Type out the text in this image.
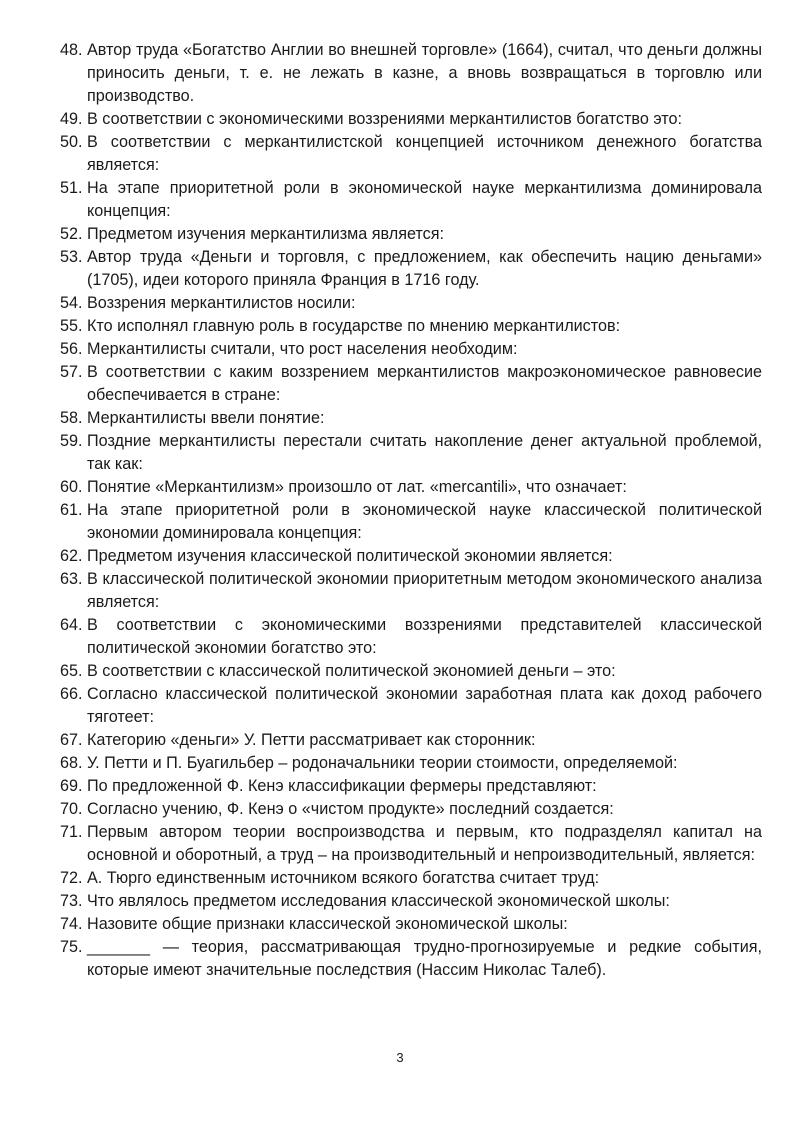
48. Автор труда «Богатство Англии во внешней торговле» (1664), считал, что деньги должны приносить деньги, т. е. не лежать в казне, а вновь возвращаться в торговлю или производство.
49. В соответствии с экономическими воззрениями меркантилистов богатство это:
50. В соответствии с меркантилистской концепцией источником денежного богатства является:
51. На этапе приоритетной роли в экономической науке меркантилизма доминировала концепция:
52. Предметом изучения меркантилизма является:
53. Автор труда «Деньги и торговля, с предложением, как обеспечить нацию деньгами» (1705), идеи которого приняла Франция в 1716 году.
54. Воззрения меркантилистов носили:
55. Кто исполнял главную роль в государстве по мнению меркантилистов:
56. Меркантилисты считали, что рост населения необходим:
57. В соответствии с каким воззрением меркантилистов макроэкономическое равновесие обеспечивается в стране:
58. Меркантилисты ввели понятие:
59. Поздние меркантилисты перестали считать накопление денег актуальной проблемой, так как:
60. Понятие «Меркантилизм» произошло от лат. «mercantili», что означает:
61. На этапе приоритетной роли в экономической науке классической политической экономии доминировала концепция:
62. Предметом изучения классической политической экономии является:
63. В классической политической экономии приоритетным методом экономического анализа является:
64. В соответствии с экономическими воззрениями представителей классической политической экономии богатство это:
65. В соответствии с классической политической экономией деньги – это:
66. Согласно классической политической экономии заработная плата как доход рабочего тяготеет:
67. Категорию «деньги» У. Петти рассматривает как сторонник:
68. У. Петти и П. Буагильбер – родоначальники теории стоимости, определяемой:
69. По предложенной Ф. Кенэ классификации фермеры представляют:
70. Согласно учению, Ф. Кенэ о «чистом продукте» последний создается:
71. Первым автором теории воспроизводства и первым, кто подразделял капитал на основной и оборотный, а труд – на производительный и непроизводительный, является:
72. А. Тюрго единственным источником всякого богатства считает труд:
73. Что являлось предметом исследования классической экономической школы:
74. Назовите общие признаки классической экономической школы:
75. _______ — теория, рассматривающая трудно-прогнозируемые и редкие события, которые имеют значительные последствия (Нассим Николас Талеб).
3
